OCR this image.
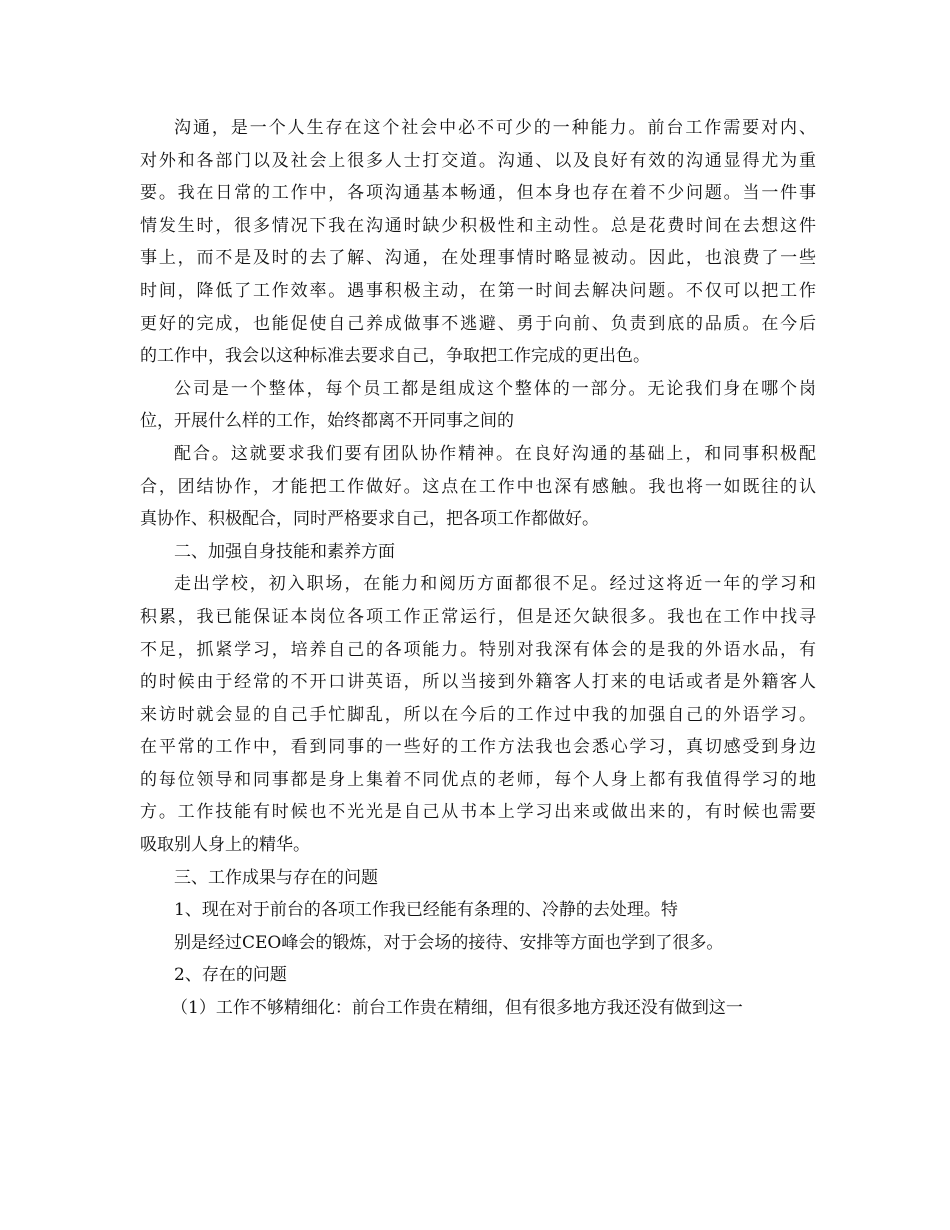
沟通，是一个人生存在这个社会中必不可少的一种能力。前台工作需要对内、
对外和各部门以及社会上很多人士打交道。沟通、以及良好有效的沟通显得尤为重
要。我在日常的工作中，各项沟通基本畅通，但本身也存在着不少问题。当一件事
情发生时，很多情况下我在沟通时缺少积极性和主动性。总是花费时间在去想这件
事上，而不是及时的去了解、沟通，在处理事情时略显被动。因此，也浪费了一些
时间，降低了工作效率。遇事积极主动，在第一时间去解决问题。不仅可以把工作
更好的完成，也能促使自己养成做事不逃避、勇于向前、负责到底的品质。在今后
的工作中，我会以这种标准去要求自己，争取把工作完成的更出色。
公司是一个整体，每个员工都是组成这个整体的一部分。无论我们身在哪个岗
位，开展什么样的工作，始终都离不开同事之间的
配合。这就要求我们要有团队协作精神。在良好沟通的基础上，和同事积极配
合，团结协作，才能把工作做好。这点在工作中也深有感触。我也将一如既往的认
真协作、积极配合，同时严格要求自己，把各项工作都做好。
二、加强自身技能和素养方面
走出学校，初入职场，在能力和阅历方面都很不足。经过这将近一年的学习和
积累，我已能保证本岗位各项工作正常运行，但是还欠缺很多。我也在工作中找寻
不足，抓紧学习，培养自己的各项能力。特别对我深有体会的是我的外语水品，有
的时候由于经常的不开口讲英语，所以当接到外籍客人打来的电话或者是外籍客人
来访时就会显的自己手忙脚乱，所以在今后的工作过中我的加强自己的外语学习。
在平常的工作中，看到同事的一些好的工作方法我也会悉心学习，真切感受到身边
的每位领导和同事都是身上集着不同优点的老师，每个人身上都有我值得学习的地
方。工作技能有时候也不光光是自己从书本上学习出来或做出来的，有时候也需要
吸取别人身上的精华。
三、工作成果与存在的问题
1、现在对于前台的各项工作我已经能有条理的、冷静的去处理。特
别是经过CEO峰会的锻炼，对于会场的接待、安排等方面也学到了很多。
2、存在的问题
（1）工作不够精细化：前台工作贵在精细，但有很多地方我还没有做到这一
